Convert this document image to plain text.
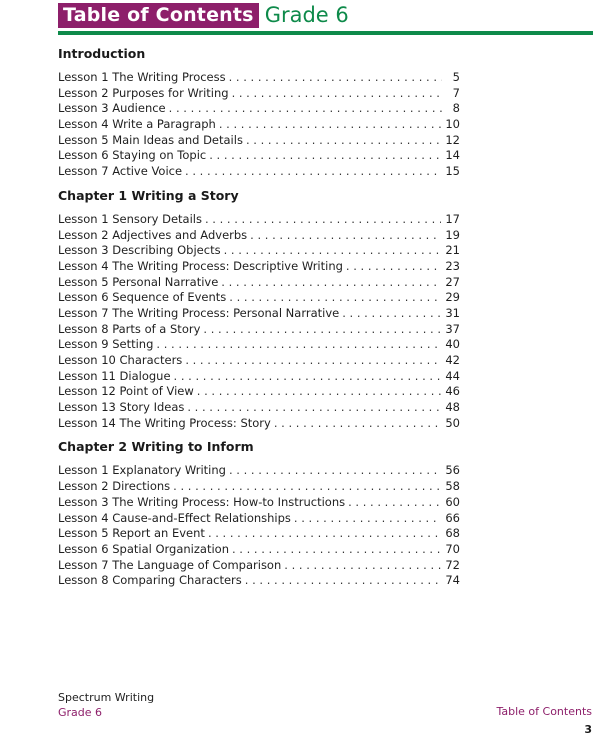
Table of Contents Grade 6
Introduction
Lesson 1 The Writing Process . . .	5
Lesson 2 Purposes for Writing . . .	7
Lesson 3 Audience . . .	8
Lesson 4 Write a Paragraph . . .	10
Lesson 5 Main Ideas and Details . . .	12
Lesson 6 Staying on Topic . . .	14
Lesson 7 Active Voice . . .	15
Chapter 1 Writing a Story
Lesson 1 Sensory Details . . .	17
Lesson 2 Adjectives and Adverbs . . .	19
Lesson 3 Describing Objects . . .	21
Lesson 4 The Writing Process: Descriptive Writing . . .	23
Lesson 5 Personal Narrative . . .	27
Lesson 6 Sequence of Events . . .	29
Lesson 7 The Writing Process: Personal Narrative . . .	31
Lesson 8 Parts of a Story . . .	37
Lesson 9 Setting . . .	40
Lesson 10 Characters . . .	42
Lesson 11 Dialogue . . .	44
Lesson 12 Point of View . . .	46
Lesson 13 Story Ideas . . .	48
Lesson 14 The Writing Process: Story . . .	50
Chapter 2 Writing to Inform
Lesson 1 Explanatory Writing . . .	56
Lesson 2 Directions . . .	58
Lesson 3 The Writing Process: How-to Instructions . . .	60
Lesson 4 Cause-and-Effect Relationships . . .	66
Lesson 5 Report an Event . . .	68
Lesson 6 Spatial Organization . . .	70
Lesson 7 The Language of Comparison . . .	72
Lesson 8 Comparing Characters . . .	74
Spectrum Writing
Grade 6	Table of Contents
3
